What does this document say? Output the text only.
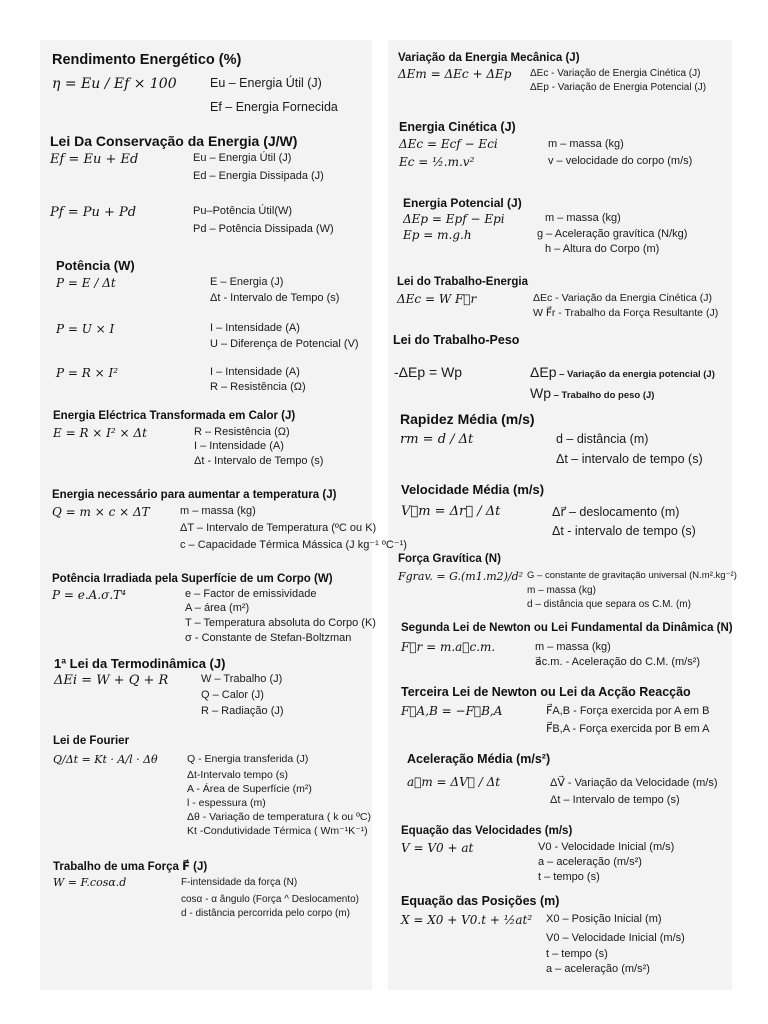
Rendimento Energético (%)
η = Eu / Ef × 100	Eu – Energia Útil (J)
Ef – Energia Fornecida
Lei Da Conservação da Energia (J/W)
Ef = Eu + Ed	Eu – Energia Útil (J)
Ed – Energia Dissipada (J)
Pf = Pu + Pd	Pu–Potência Útil(W)
Pd – Potência Dissipada (W)
Potência (W)
P = E / Δt	E – Energia (J)
Δt - Intervalo de Tempo (s)
P = U × I	I – Intensidade (A)
U – Diferença de Potencial (V)
P = R × I²	I – Intensidade (A)
R – Resistência (Ω)
Energia Eléctrica Transformada em Calor (J)
E = R × I² × Δt	R – Resistência (Ω)
I – Intensidade (A)
Δt - Intervalo de Tempo (s)
Energia necessário para aumentar a temperatura (J)
Q = m × c × ΔT	m – massa (kg)
ΔT – Intervalo de Temperatura (ºC ou K)
c – Capacidade Térmica Mássica (J kg⁻¹ ºC⁻¹)
Potência Irradiada pela Superfície de um Corpo (W)
P = e.A.σ.T⁴	e – Factor de emissividade
A – área (m²)
T – Temperatura absoluta do Corpo (K)
σ - Constante de Stefan-Boltzman
1ª Lei da Termodinâmica (J)
ΔEi = W + Q + R	W – Trabalho (J)
Q – Calor (J)
R – Radiação (J)
Lei de Fourier
Q/Δt = Kt · A/l · Δθ	Q - Energia transferida (J)
Δt-Intervalo tempo (s)
A - Área de Superfície (m²)
l - espessura (m)
Δθ - Variação de temperatura ( k ou ºC)
Kt -Condutividade Térmica ( Wm⁻¹K⁻¹)
Trabalho de uma Força F⃗ (J)
W = F.cosα.d	F-intensidade da força (N)
cosα - α ângulo (Força ^ Deslocamento)
d - distância percorrida pelo corpo (m)
Variação da Energia Mecânica (J)
ΔEm = ΔEc + ΔEp ΔEc - Variação de Energia Cinética (J)
ΔEp - Variação de Energia Potencial (J)
Energia Cinética (J)
ΔEc = Ecf − Eci
Ec = ½.m.v²
m – massa (kg)
v – velocidade do corpo (m/s)
Energia Potencial (J)
ΔEp = Epf − Epi
Ep = m.g.h
m – massa (kg)
g – Aceleração gravítica (N/kg)
h – Altura do Corpo (m)
Lei do Trabalho-Energia
ΔEc = W F⃗r	ΔEc - Variação da Energia Cinética (J)
W F⃗r - Trabalho da Força Resultante (J)
Lei do Trabalho-Peso
-ΔEp = Wp	ΔEp – Variação da energia potencial (J)
Wp – Trabalho do peso (J)
Rapidez Média (m/s)
rm = d / Δt	d – distância (m)
Δt – intervalo de tempo (s)
Velocidade Média (m/s)
V⃗m = Δr⃗ / Δt	Δr⃗ – deslocamento (m)
Δt - intervalo de tempo (s)
Força Gravítica (N)
Fgrav. = G.(m1.m2)/d² G – constante de gravitação universal (N.m².kg⁻²)
m – massa (kg)
d – distância que separa os C.M. (m)
Segunda Lei de Newton ou Lei Fundamental da Dinâmica (N)
F⃗r = m.a⃗c.m.	m – massa (kg)
a⃗c.m. - Aceleração do C.M. (m/s²)
Terceira Lei de Newton ou Lei da Acção Reacção
F⃗A,B = −F⃗B,A	F⃗A,B - Força exercida por A em B
F⃗B,A - Força exercida por B em A
Aceleração Média (m/s²)
a⃗m = ΔV⃗ / Δt	ΔV⃗ - Variação da Velocidade (m/s)
Δt – Intervalo de tempo (s)
Equação das Velocidades (m/s)
V = V0 + at	V0 - Velocidade Inicial (m/s)
a – aceleração (m/s²)
t – tempo (s)
Equação das Posições (m)
X = X0 + V0.t + ½at² X0 – Posição Inicial (m)
V0 – Velocidade Inicial (m/s)
t – tempo (s)
a – aceleração (m/s²)
